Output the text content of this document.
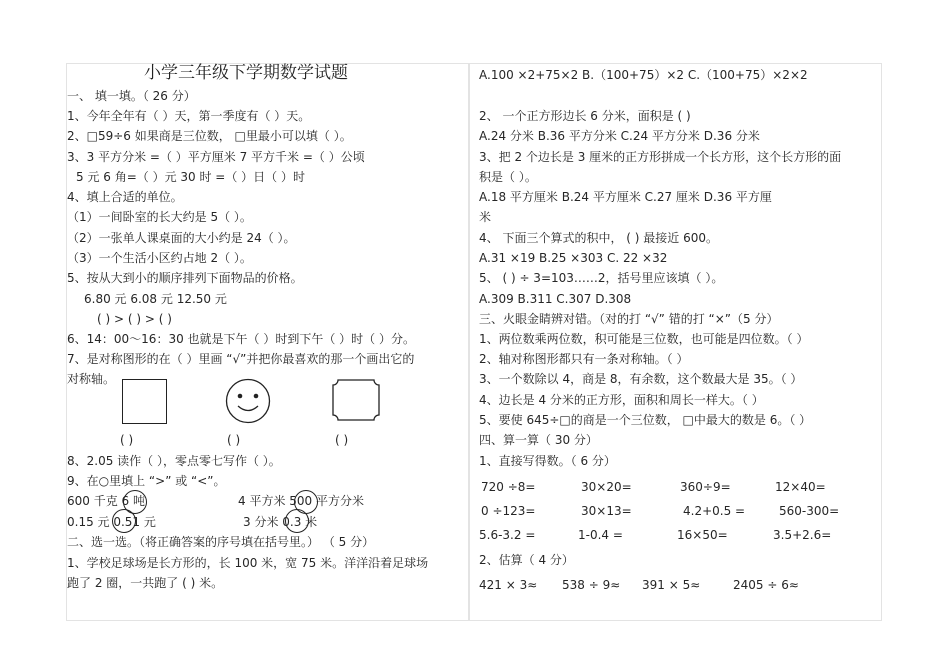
小学三年级下学期数学试题
一、 填一填。（ 26 分）
1、今年全年有（ ）天，第一季度有（ ）天。
2、□59÷6 如果商是三位数， □里最小可以填（ ）。
3、3 平方分米 =（ ）平方厘米 7 平方千米 =（ ）公顷
5 元 6 角=（ ）元 30 时 =（ ）日（ ）时
4、填上合适的单位。
（1）一间卧室的长大约是 5（ ）。
（2）一张单人课桌面的大小约是 24（ ）。
（3）一个生活小区约占地 2（ ）。
5、按从大到小的顺序排列下面物品的价格。
6.80 元 6.08 元 12.50 元
( ) > ( ) > ( )
6、14：00～16：30 也就是下午（ ）时到下午（ ）时（ ）分。
7、是对称图形的在（ ）里画 “√”并把你最喜欢的那一个画出它的
对称轴。
( )	( )	( )
8、2.05 读作（ ），零点零七写作（ ）。
9、在○里填上 “>” 或 “<”。
600 千克 6 吨	4 平方米 500 平方分米
0.15 元 0.51 元	3 分米 0.3 米
二、选一选。（将正确答案的序号填在括号里。） （ 5 分）
1、学校足球场是长方形的，长 100 米，宽 75 米。洋洋沿着足球场
跑了 2 圈，一共跑了 ( ) 米。
A.100 ×2+75×2 B.（100+75）×2 C.（100+75）×2×2
2、 一个正方形边长 6 分米，面积是 ( )
A.24 分米 B.36 平方分米 C.24 平方分米 D.36 分米
3、把 2 个边长是 3 厘米的正方形拼成一个长方形，这个长方形的面
积是（ ）。
A.18 平方厘米 B.24 平方厘米 C.27 厘米 D.36 平方厘
米
4、 下面三个算式的积中， ( ) 最接近 600。
A.31 ×19 B.25 ×303 C. 22 ×32
5、 ( ) ÷ 3=103……2，括号里应该填（ ）。
A.309 B.311 C.307 D.308
三、火眼金睛辨对错。（对的打 “√” 错的打 “×”（5 分）
1、两位数乘两位数，积可能是三位数，也可能是四位数。（ ）
2、轴对称图形都只有一条对称轴。（ ）
3、一个数除以 4，商是 8，有余数，这个数最大是 35。（ ）
4、边长是 4 分米的正方形，面积和周长一样大。（ ）
5、要使 645÷□的商是一个三位数， □中最大的数是 6。（ ）
四、算一算（ 30 分）
1、直接写得数。（ 6 分）
720 ÷8=	30×20=	360÷9=	12×40=
0 ÷123=	30×13=	4.2+0.5 =	560-300=
5.6-3.2 =	1-0.4 =	16×50=	3.5+2.6=
2、估算（ 4 分）
421 × 3≈ 538 ÷ 9≈ 391 × 5≈	2405 ÷ 6≈
